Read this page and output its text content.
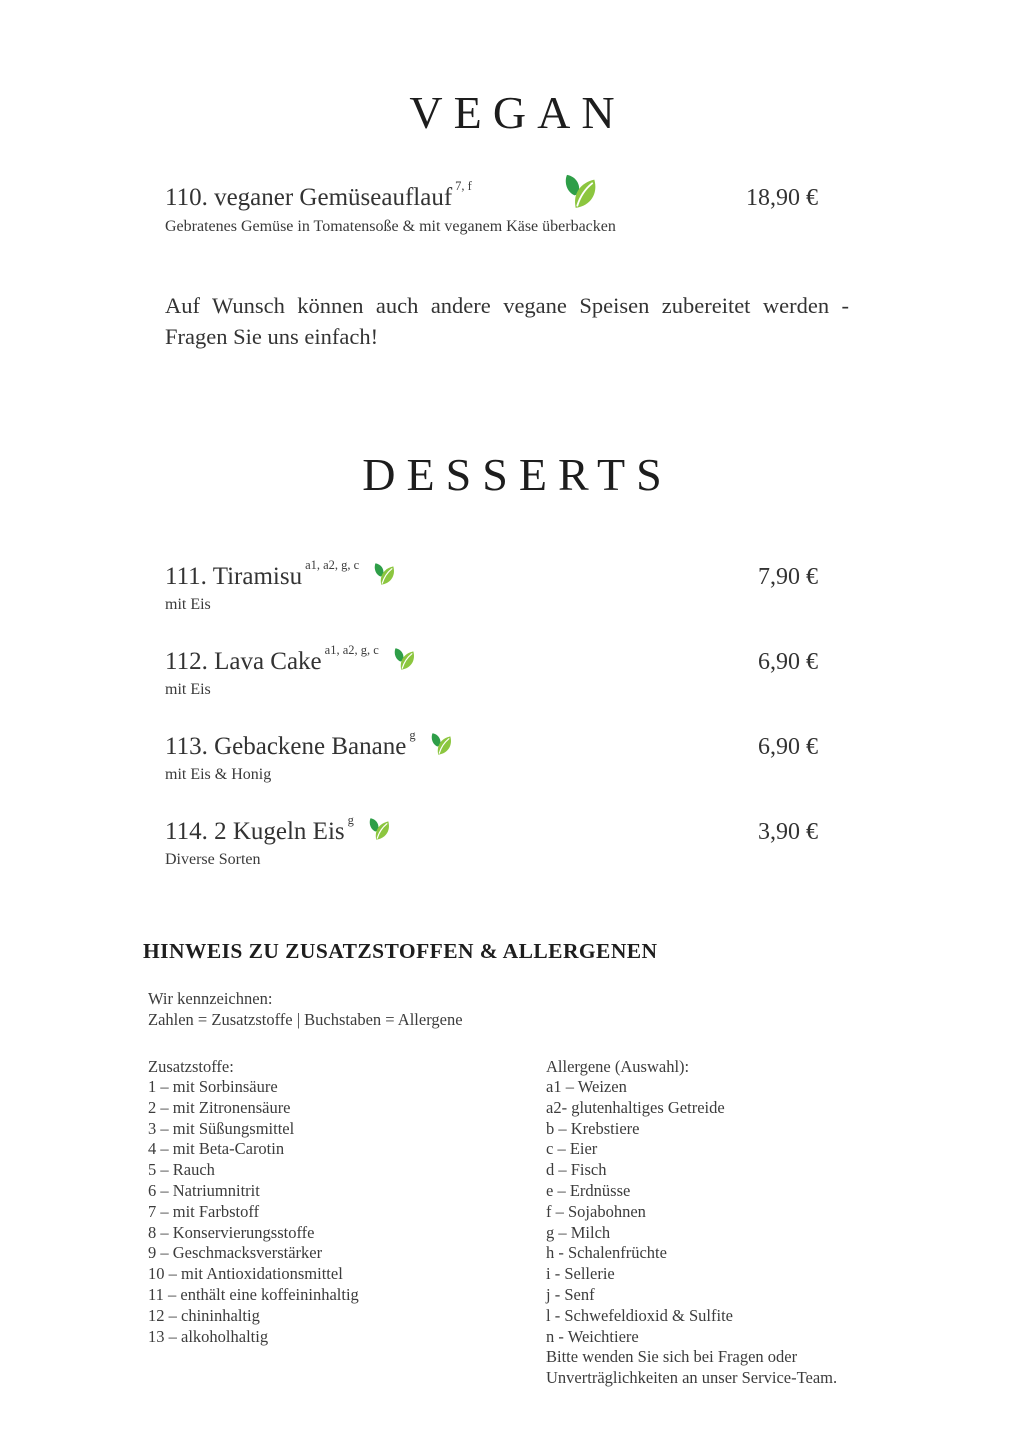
VEGAN
110. veganer Gemüseauflauf 7, f	18,90 €
Gebratenes Gemüse in Tomatensoße & mit veganem Käse überbacken

Auf Wunsch können auch andere vegane Speisen zubereitet werden - Fragen Sie uns einfach!

DESSERTS
111. Tiramisu a1, a2, g, c	7,90 €
mit Eis
112. Lava Cake a1, a2, g, c	6,90 €
mit Eis
113. Gebackene Banane g	6,90 €
mit Eis & Honig
114. 2 Kugeln Eis g	3,90 €
Diverse Sorten
HINWEIS ZU ZUSATZSTOFFEN & ALLERGENEN
Wir kennzeichnen:
Zahlen = Zusatzstoffe | Buchstaben = Allergene
Zusatzstoffe:
1 – mit Sorbinsäure
2 – mit Zitronensäure
3 – mit Süßungsmittel
4 – mit Beta-Carotin
5 – Rauch
6 – Natriumnitrit
7 – mit Farbstoff
8 – Konservierungsstoffe
9 – Geschmacksverstärker
10 – mit Antioxidationsmittel
11 – enthält eine koffeininhaltig
12 – chininhaltig
13 – alkoholhaltig
Allergene (Auswahl):
a1 – Weizen
a2- glutenhaltiges Getreide
b – Krebstiere
c – Eier
d – Fisch
e – Erdnüsse
f – Sojabohnen
g – Milch
h - Schalenfrüchte
i - Sellerie
j - Senf
l - Schwefeldioxid & Sulfite
n - Weichtiere

Bitte wenden Sie sich bei Fragen oder Unverträglichkeiten an unser Service-Team.
